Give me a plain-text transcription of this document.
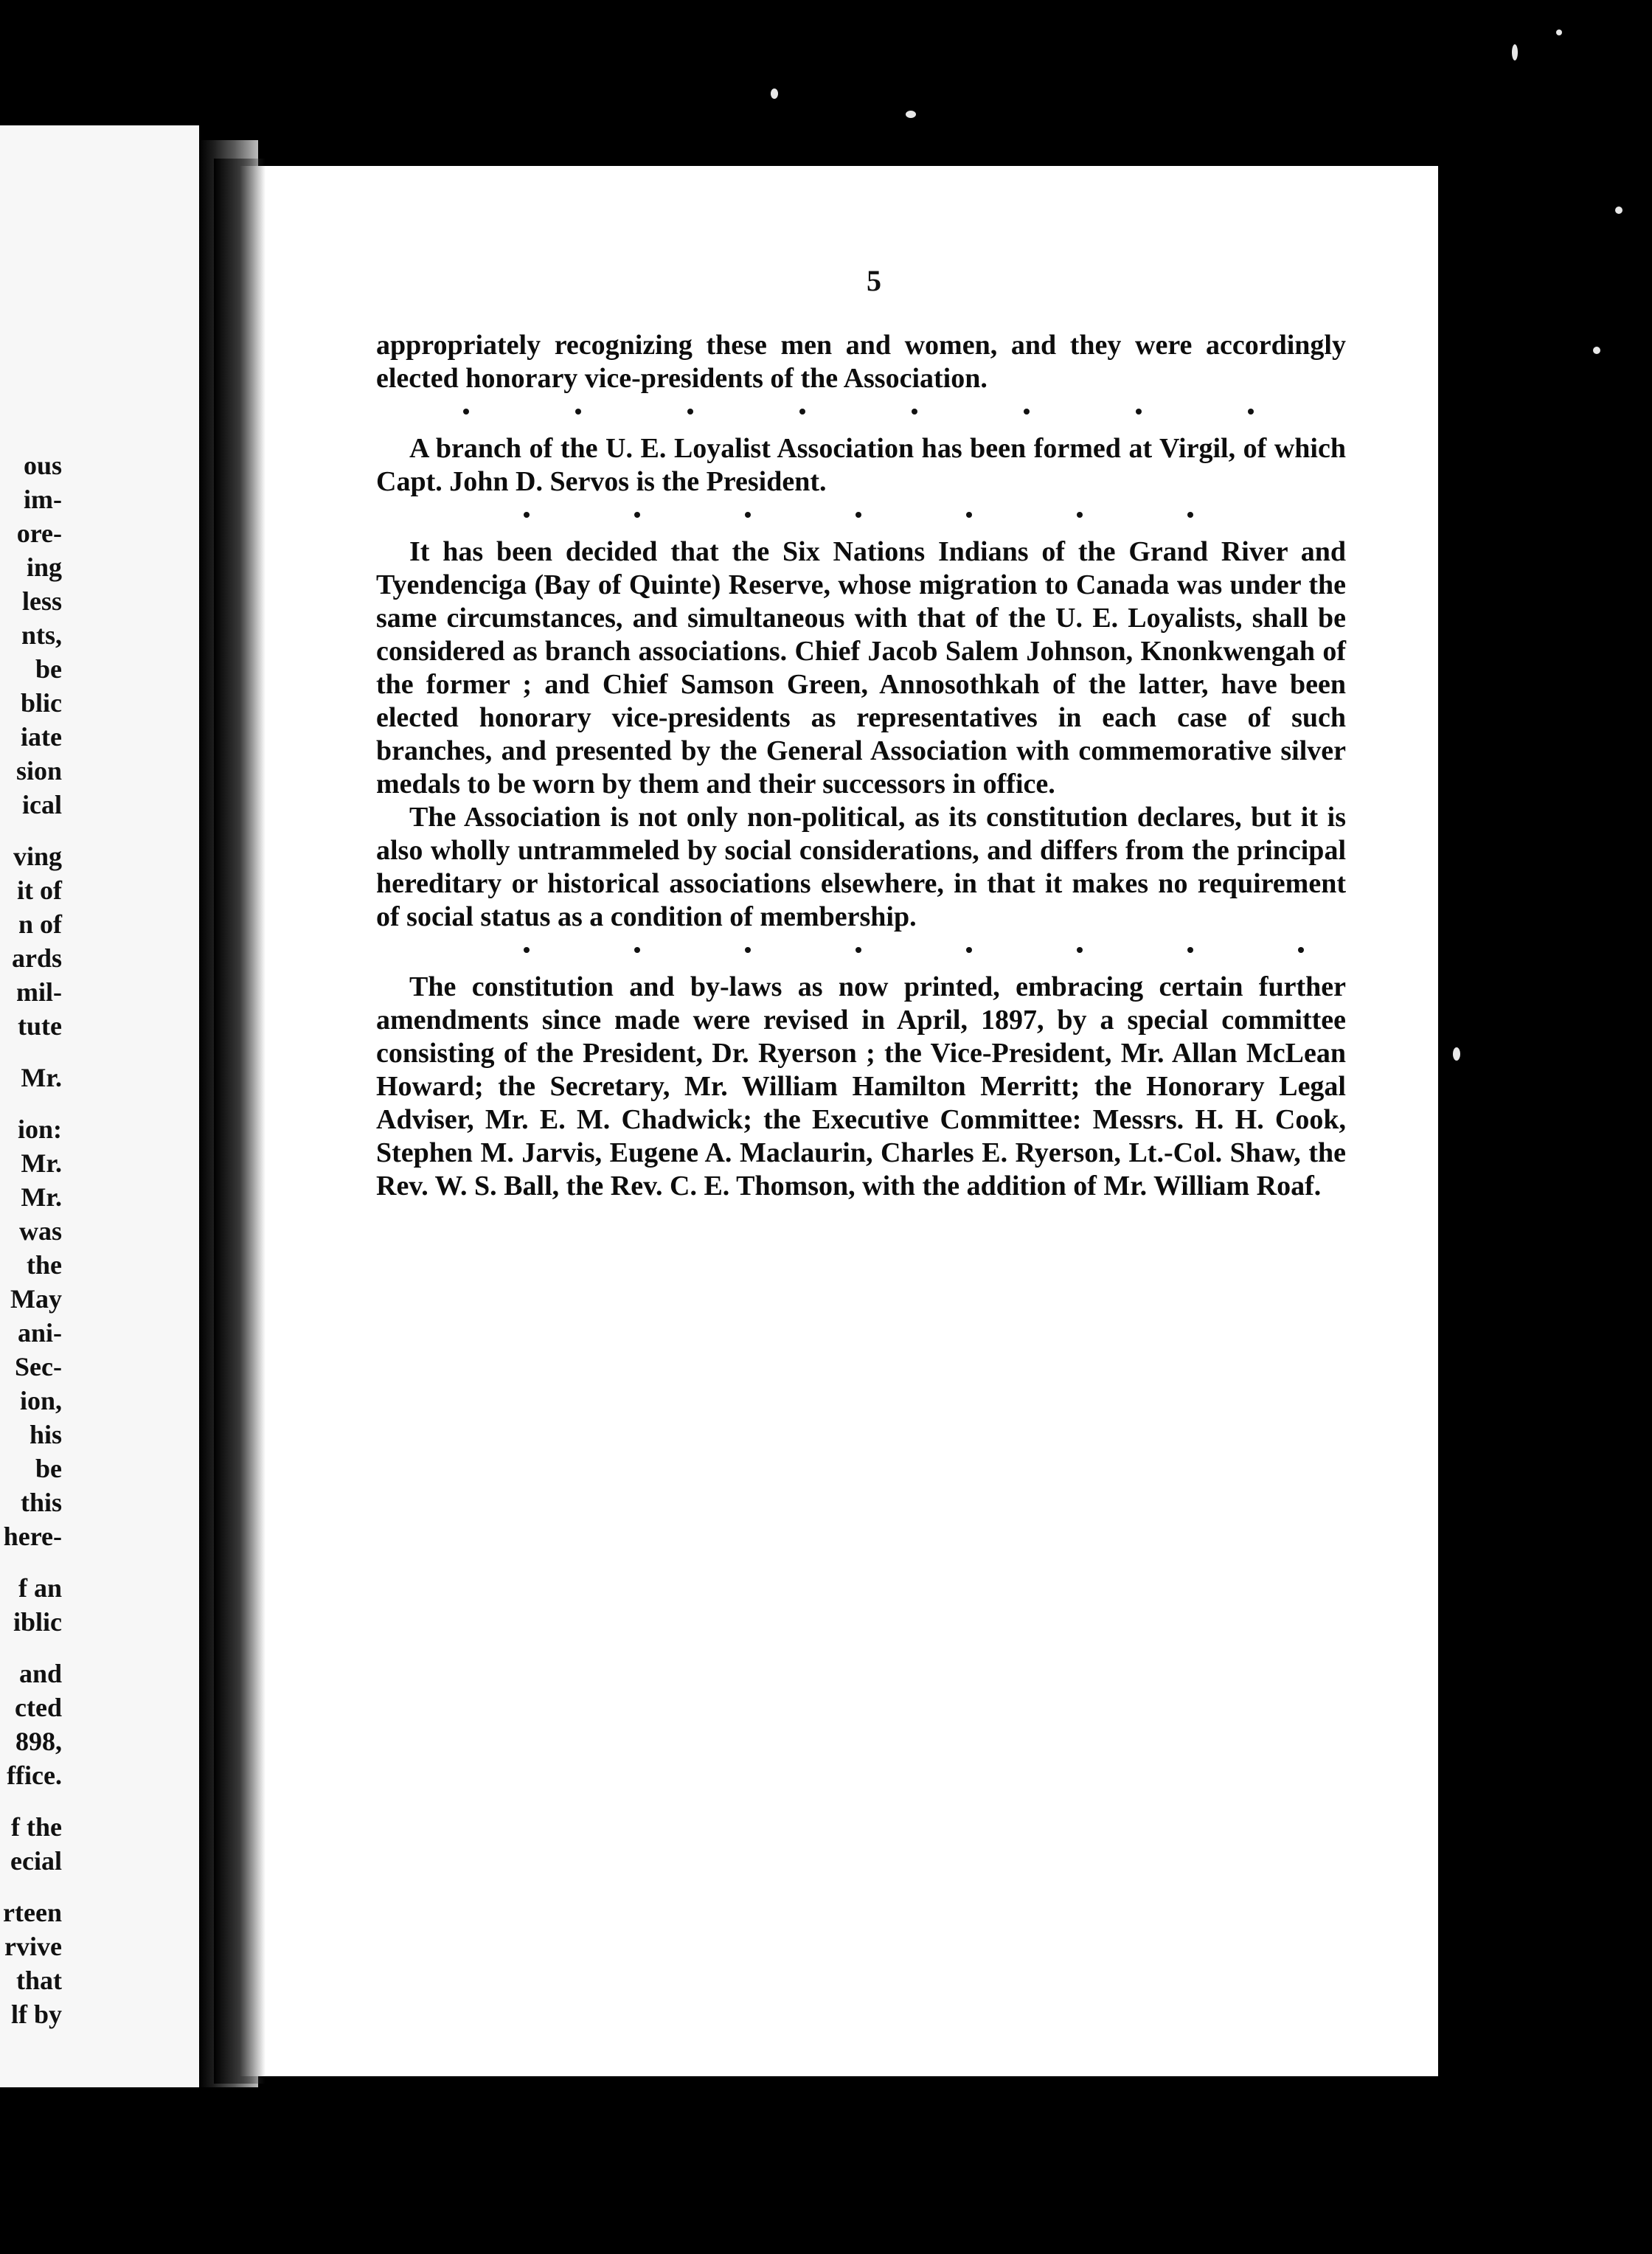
ous
im-
ore-
ing
less
nts,
be
blic
iate
sion
ical
ving
it of
n of
ards
mil-
tute
Mr.
ion:
Mr.
Mr.
was
the
May
ani-
Sec-
ion,
his
be
this
here-
f an
iblic
and
cted
898,
ffice.
f the
ecial
rteen
rvive
that
lf by
5

appropriately recognizing these men and women, and they were accordingly elected honorary vice-presidents of the Association.

A branch of the U. E. Loyalist Association has been formed at Virgil, of which Capt. John D. Servos is the President.

It has been decided that the Six Nations Indians of the Grand River and Tyendenciga (Bay of Quinte) Reserve, whose migration to Canada was under the same circumstances, and simultaneous with that of the U. E. Loyalists, shall be considered as branch associations. Chief Jacob Salem Johnson, Knonkwengah of the former ; and Chief Samson Green, Annosothkah of the latter, have been elected honorary vice-presidents as representatives in each case of such branches, and presented by the General Association with commemorative silver medals to be worn by them and their successors in office.

The Association is not only non-political, as its constitution declares, but it is also wholly untrammeled by social considerations, and differs from the principal hereditary or historical associations elsewhere, in that it makes no requirement of social status as a condition of membership.

The constitution and by-laws as now printed, embracing certain further amendments since made were revised in April, 1897, by a special committee consisting of the President, Dr. Ryerson ; the Vice-President, Mr. Allan McLean Howard; the Secretary, Mr. William Hamilton Merritt; the Honorary Legal Adviser, Mr. E. M. Chadwick; the Executive Committee: Messrs. H. H. Cook, Stephen M. Jarvis, Eugene A. Maclaurin, Charles E. Ryerson, Lt.-Col. Shaw, the Rev. W. S. Ball, the Rev. C. E. Thomson, with the addition of Mr. William Roaf.
